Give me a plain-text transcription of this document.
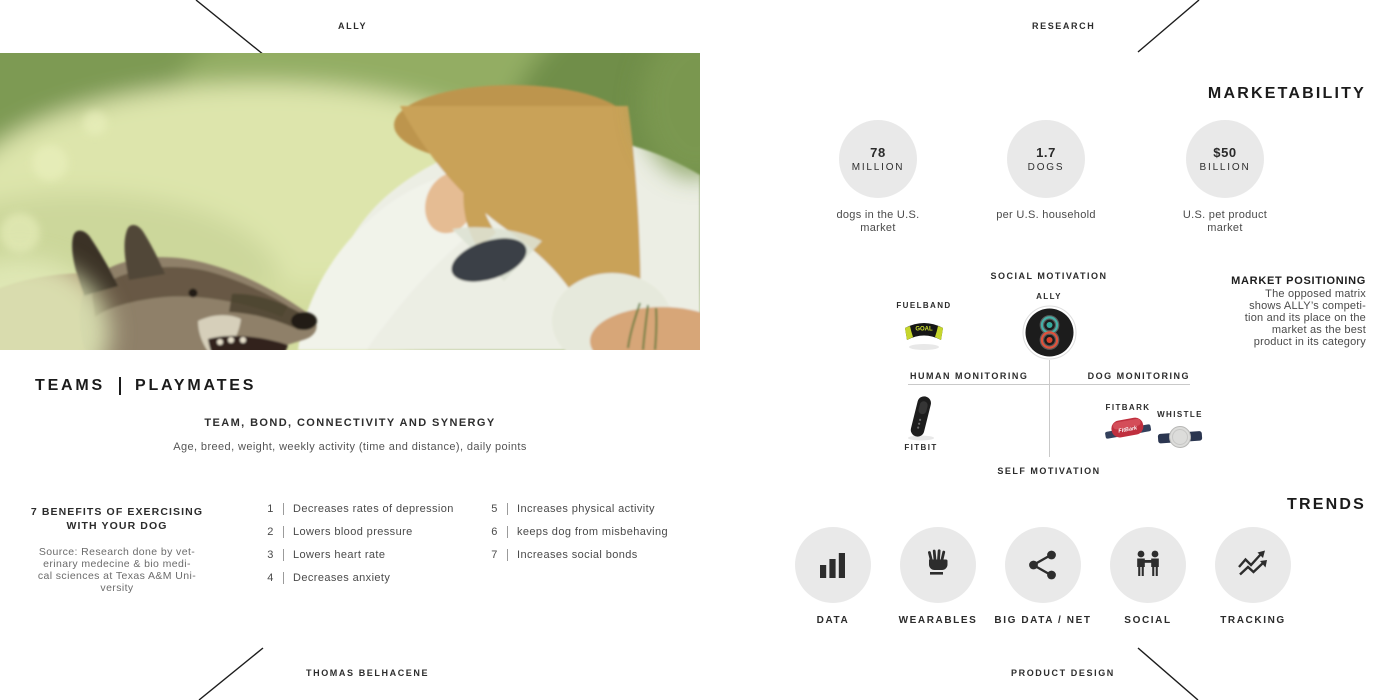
ALLY	RESEARCH
TEAMS PLAYMATES
TEAM, BOND, CONNECTIVITY AND SYNERGY
Age, breed, weight, weekly activity (time and distance), daily points
7 BENEFITS OF EXERCISING
WITH YOUR DOG
Source: Research done by vet-
erinary medecine & bio medi-
cal sciences at Texas A&M Uni-
versity
1 Decreases rates of depression
2 Lowers blood pressure
3 Lowers heart rate
4 Decreases anxiety
5 Increases physical activity
6 keeps dog from misbehaving
7 Increases social bonds
MARKETABILITY
78
MILLION
dogs in the U.S. market
1.7
DOGS
per U.S. household
$50
BILLION
U.S. pet product market
SOCIAL MOTIVATION
ALLY
HUMAN MONITORING	DOG MONITORING
SELF MOTIVATION
FUELBAND
GOAL
FITBIT
FITBARK
FitBark
WHISTLE
MARKET POSITIONING
The opposed matrix
shows ALLY’s competi-
tion and its place on the
market as the best
product in its category
TRENDS
DATA	WEARABLES	BIG DATA / NET	SOCIAL	TRACKING
THOMAS BELHACENE	PRODUCT DESIGN
